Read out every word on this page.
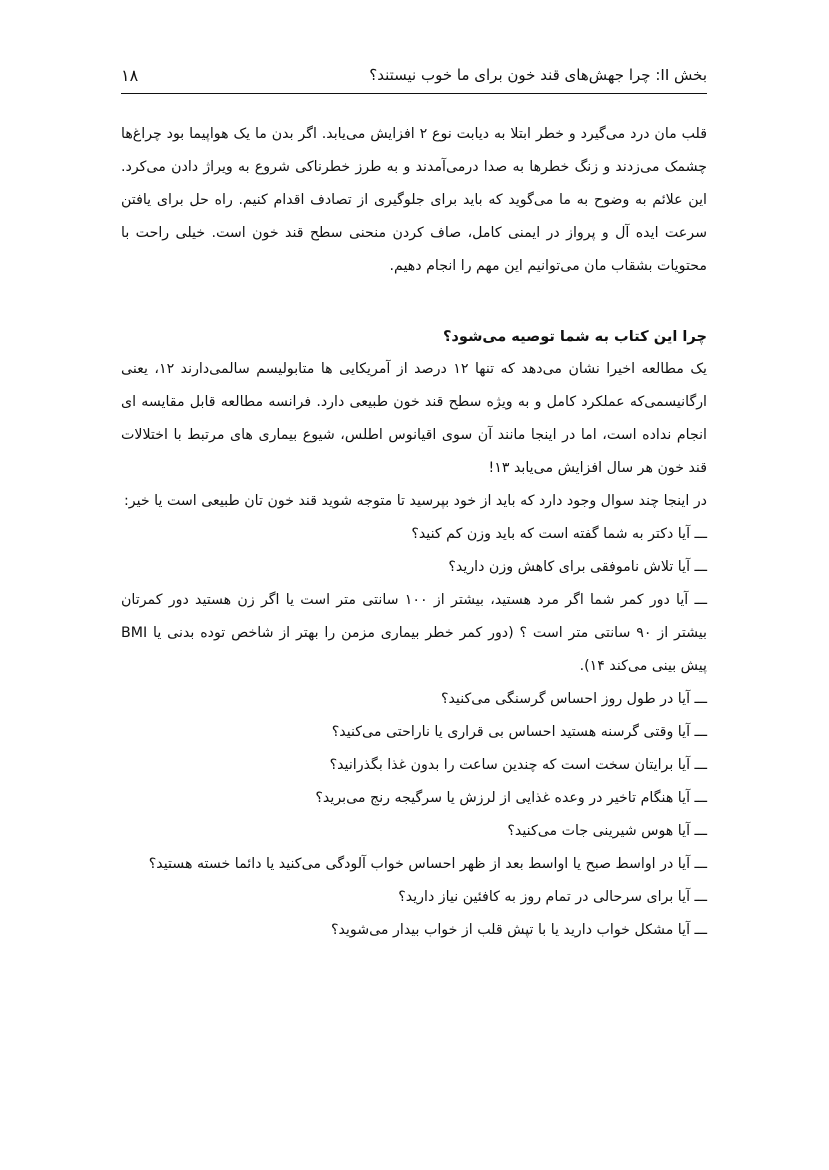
بخش II: چرا جهش‌های قند خون برای ما خوب نیستند؟
۱۸

قلب مان درد می‌گیرد و خطر ابتلا به دیابت نوع ۲ افزایش می‌یابد. اگر بدن ما یک هواپیما بود چراغ‌ها چشمک می‌زدند و زنگ خطرها به صدا درمی‌آمدند و به طرز خطرناکی شروع به ویراژ دادن می‌کرد. این علائم به وضوح به ما می‌گوید که باید برای جلوگیری از تصادف اقدام کنیم. راه حل برای یافتن سرعت ایده آل و پرواز در ایمنی کامل، صاف کردن منحنی سطح قند خون است. خیلی راحت با محتویات بشقاب مان می‌توانیم این مهم را انجام دهیم.

چرا این کتاب به شما توصیه می‌شود؟

یک مطالعه اخیرا نشان می‌دهد که تنها ۱۲ درصد از آمریکایی ها متابولیسم سالمی‌دارند ۱۲، یعنی ارگانیسمی‌که عملکرد کامل و به ویژه سطح قند خون طبیعی دارد. فرانسه مطالعه قابل مقایسه ای انجام نداده است، اما در اینجا مانند آن سوی اقیانوس اطلس، شیوع بیماری های مرتبط با اختلالات قند خون هر سال افزایش می‌یابد ۱۳!

در اینجا چند سوال وجود دارد که باید از خود بپرسید تا متوجه شوید قند خون تان طبیعی است یا خیر:

ـــ آیا دکتر به شما گفته است که باید وزن کم کنید؟

ـــ آیا تلاش ناموفقی برای کاهش وزن دارید؟

ـــ آیا دور کمر شما اگر مرد هستید، بیشتر از ۱۰۰ سانتی متر است یا اگر زن هستید دور کمرتان بیشتر از ۹۰ سانتی متر است ؟ (دور کمر خطر بیماری مزمن را بهتر از شاخص توده بدنی یا BMI پیش بینی می‌کند ۱۴).

ـــ آیا در طول روز احساس گرسنگی می‌کنید؟

ـــ آیا وقتی گرسنه هستید احساس بی قراری یا ناراحتی می‌کنید؟

ـــ آیا برایتان سخت است که چندین ساعت را بدون غذا بگذرانید؟

ـــ آیا هنگام تاخیر در وعده غذایی از لرزش یا سرگیجه رنج می‌برید؟

ـــ آیا هوس شیرینی جات می‌کنید؟

ـــ آیا در اواسط صبح یا اواسط بعد از ظهر احساس خواب آلودگی می‌کنید یا دائما خسته هستید؟

ـــ آیا برای سرحالی در تمام روز به کافئین نیاز دارید؟

ـــ آیا مشکل خواب دارید یا با تپش قلب از خواب بیدار می‌شوید؟
